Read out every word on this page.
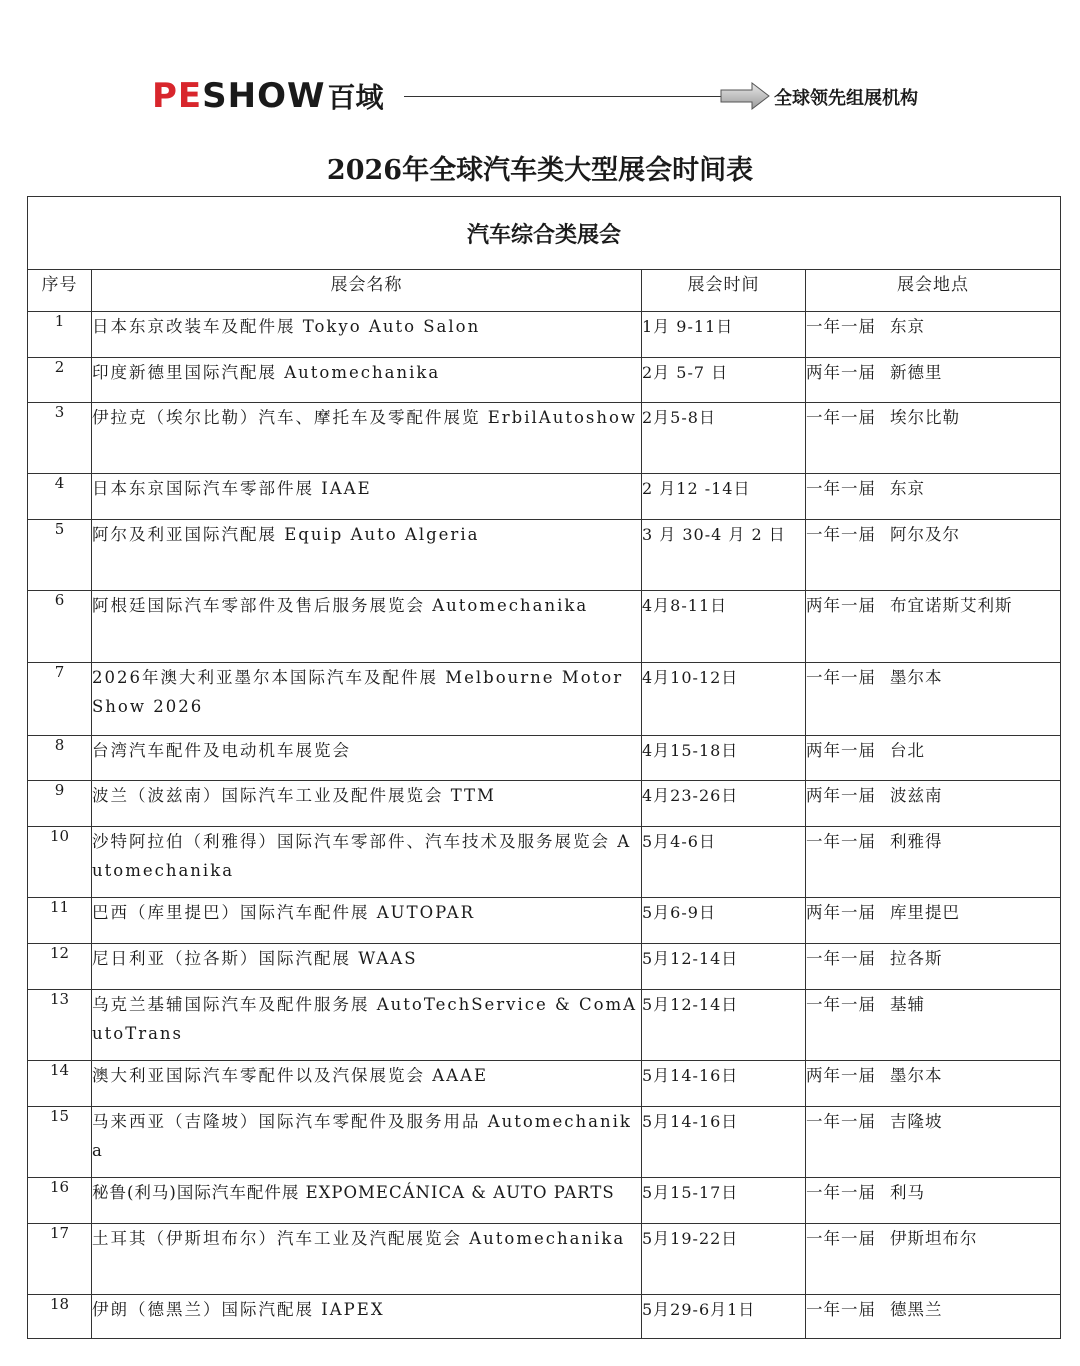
PE SHOW 百域	全球领先组展机构
2026年全球汽车类大型展会时间表
汽车综合类展会			
序号	展会名称	展会时间	展会地点
1	日本东京改装车及配件展 Tokyo Auto Salon	1月 9-11日	一年一届 东京
2	印度新德里国际汽配展 Automechanika	2月 5-7 日	两年一届 新德里
3	伊拉克（埃尔比勒）汽车、摩托车及零配件展览 ErbilAutoshow	2月5-8日	一年一届 埃尔比勒
4	日本东京国际汽车零部件展 IAAE	2 月12 -14日	一年一届 东京
5	阿尔及利亚国际汽配展 Equip Auto Algeria	3 月 30-4 月 2 日	一年一届 阿尔及尔
6	阿根廷国际汽车零部件及售后服务展览会 Automechanika	4月8-11日	两年一届 布宜诺斯艾利斯
7	2026年澳大利亚墨尔本国际汽车及配件展 Melbourne Motor Show 2026	4月10-12日	一年一届 墨尔本
8	台湾汽车配件及电动机车展览会	4月15-18日	两年一届 台北
9	波兰（波兹南）国际汽车工业及配件展览会 TTM	4月23-26日	两年一届 波兹南
10	沙特阿拉伯（利雅得）国际汽车零部件、汽车技术及服务展览会 Automechanika	5月4-6日	一年一届 利雅得
11	巴西（库里提巴）国际汽车配件展 AUTOPAR	5月6-9日	两年一届 库里提巴
12	尼日利亚（拉各斯）国际汽配展 WAAS	5月12-14日	一年一届 拉各斯
13	乌克兰基辅国际汽车及配件服务展 AutoTechService & ComAutoTrans	5月12-14日	一年一届 基辅
14	澳大利亚国际汽车零配件以及汽保展览会 AAAE	5月14-16日	两年一届 墨尔本
15	马来西亚（吉隆坡）国际汽车零配件及服务用品 Automechanika	5月14-16日	一年一届 吉隆坡
16	秘鲁(利马)国际汽车配件展 EXPOMECÁNICA & AUTO PARTS	5月15-17日	一年一届 利马
17	土耳其（伊斯坦布尔）汽车工业及汽配展览会 Automechanika	5月19-22日	一年一届 伊斯坦布尔
18	伊朗（德黑兰）国际汽配展 IAPEX	5月29-6月1日	一年一届 德黑兰
